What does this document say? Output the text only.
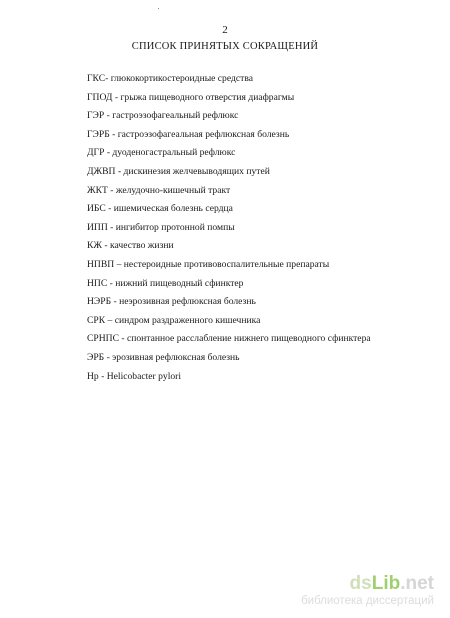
2
СПИСОК ПРИНЯТЫХ СОКРАЩЕНИЙ
ГКС- глюкокортикостероидные средства
ГПОД - грыжа пищеводного отверстия диафрагмы
ГЭР - гастроэзофагеальный рефлюкс
ГЭРБ - гастроэзофагеальная рефлюксная болезнь
ДГР - дуоденогастральный рефлюкс
ДЖВП - дискинезия желчевыводящих путей
ЖКТ - желудочно-кишечный тракт
ИБС - ишемическая болезнь сердца
ИПП - ингибитор протонной помпы
КЖ - качество жизни
НПВП – нестероидные противовоспалительные препараты
НПС - нижний пищеводный сфинктер
НЭРБ - неэрозивная рефлюксная болезнь
СРК – синдром раздраженного кишечника
СРНПС - спонтанное расслабление нижнего пищеводного сфинктера
ЭРБ - эрозивная рефлюксная болезнь
Hp - Helicobacter pylori
dsLib.net
библиотека диссертаций
